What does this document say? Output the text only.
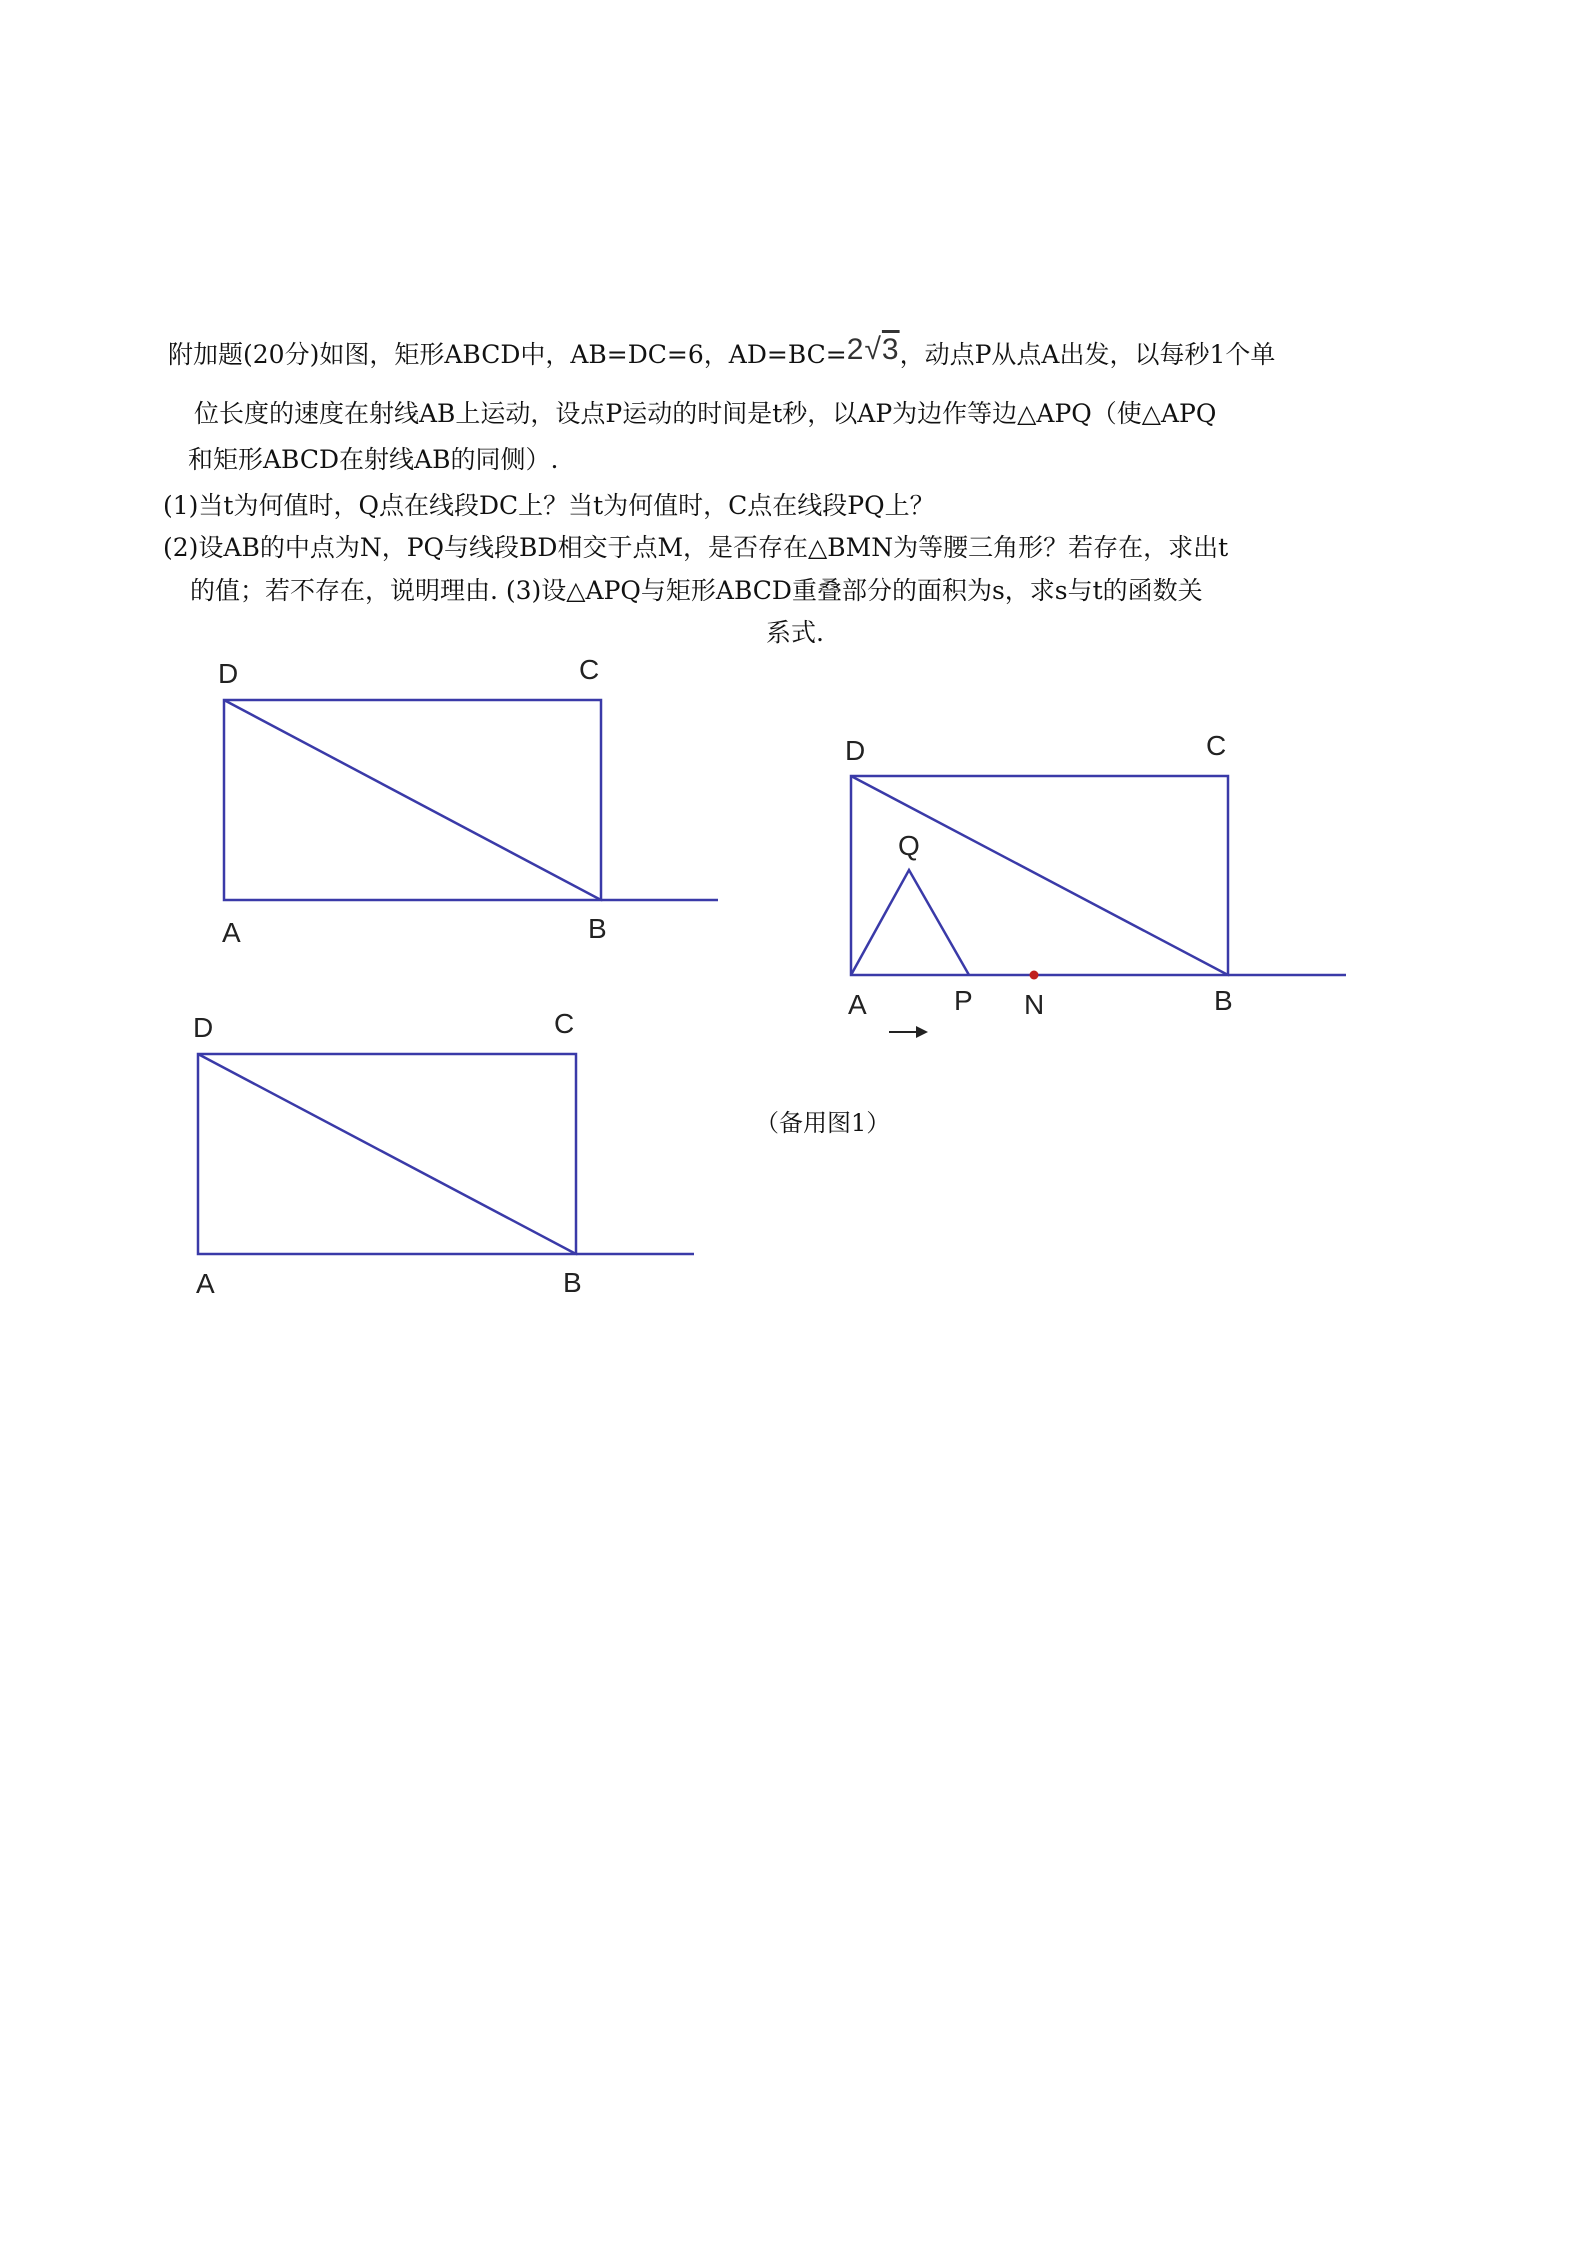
附加题(20分)如图，矩形ABCD中，AB=DC=6，AD=BC=2√3，动点P从点A出发，以每秒1个单
位长度的速度在射线AB上运动，设点P运动的时间是t秒，以AP为边作等边△APQ（使△APQ
和矩形ABCD在射线AB的同侧）.
(1)当t为何值时，Q点在线段DC上？当t为何值时，C点在线段PQ上？
(2)设AB的中点为N，PQ与线段BD相交于点M，是否存在△BMN为等腰三角形？若存在，求出t
的值；若不存在，说明理由. (3)设△APQ与矩形ABCD重叠部分的面积为s，求s与t的函数关
系式.
D	C
A	B
D	C
Q
A	P N	B
D	C
A	B
（备用图1）
